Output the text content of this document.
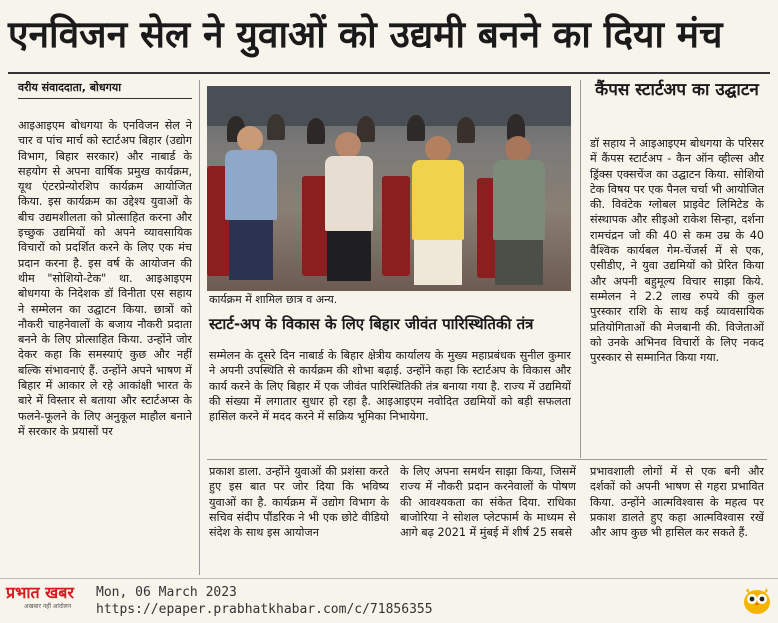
एनविजन सेल ने युवाओं को उद्यमी बनने का दिया मंच
वरीय संवाददाता, बोधगया
आइआइएम बोधगया के एनविजन सेल ने चार व पांच मार्च को स्टार्टअप बिहार (उद्योग विभाग, बिहार सरकार) और नाबार्ड के सहयोग से अपना वार्षिक प्रमुख कार्यक्रम, यूथ एंटरप्रेन्योरशिप कार्यक्रम आयोजित किया. इस कार्यक्रम का उद्देश्य युवाओं के बीच उद्यमशीलता को प्रोत्साहित करना और इच्छुक उद्यमियों को अपने व्यावसायिक विचारों को प्रदर्शित करने के लिए एक मंच प्रदान करना है. इस वर्ष के आयोजन की थीम "सोशियो-टेक" था. आइआइएम बोधगया के निदेशक डॉ विनीता एस सहाय ने सम्मेलन का उद्घाटन किया. छात्रों को नौकरी चाहनेवालों के बजाय नौकरी प्रदाता बनने के लिए प्रोत्साहित किया. उन्होंने जोर देकर कहा कि समस्याएं कुछ और नहीं बल्कि संभावनाएं हैं. उन्होंने अपने भाषण में बिहार में आकार ले रहे आकांक्षी भारत के बारे में विस्तार से बताया और स्टार्टअप्स के फलने-फूलने के लिए अनुकूल माहौल बनाने में सरकार के प्रयासों पर
कार्यक्रम में शामिल छात्र व अन्य.
स्टार्ट-अप के विकास के लिए बिहार जीवंत पारिस्थितिकी तंत्र
सम्मेलन के दूसरे दिन नाबार्ड के बिहार क्षेत्रीय कार्यालय के मुख्य महाप्रबंधक सुनील कुमार ने अपनी उपस्थिति से कार्यक्रम की शोभा बढ़ाई. उन्होंने कहा कि स्टार्टअप के विकास और कार्य करने के लिए बिहार में एक जीवंत पारिस्थितिकी तंत्र बनाया गया है. राज्य में उद्यमियों की संख्या में लगातार सुधार हो रहा है. आइआइएम नवोदित उद्यमियों को बड़ी सफलता हासिल करने में मदद करने में सक्रिय भूमिका निभायेगा.
कैंपस स्टार्टअप का उद्घाटन
डॉ सहाय ने आइआइएम बोधगया के परिसर में कैंपस स्टार्टअप - कैन ऑन व्हील्स और ड्रिंक्स एक्सचेंज का उद्घाटन किया. सोशियो टेक विषय पर एक पैनल चर्चा भी आयोजित की. विवंटेक ग्लोबल प्राइवेट लिमिटेड के संस्थापक और सीइओ राकेश सिन्हा, दर्शना रामचंद्रन जो की 40 से कम उम्र के 40 वैश्विक कार्यबल गेम-चेंजर्स में से एक, एसीडीए, ने युवा उद्यमियों को प्रेरित किया और अपनी बहुमूल्य विचार साझा किये. सम्मेलन ने 2.2 लाख रुपये की कुल पुरस्कार राशि के साथ कई व्यावसायिक प्रतियोगिताओं की मेजबानी की. विजेताओं को उनके अभिनव विचारों के लिए नकद पुरस्कार से सम्मानित किया गया.
प्रकाश डाला. उन्होंने युवाओं की प्रशंसा करते हुए इस बात पर जोर दिया कि भविष्य युवाओं का है. कार्यक्रम में उद्योग विभाग के सचिव संदीप पौंडरिक ने भी एक छोटे वीडियो संदेश के साथ इस आयोजन
के लिए अपना समर्थन साझा किया, जिसमें राज्य में नौकरी प्रदान करनेवालों के पोषण की आवश्यकता का संकेत दिया. राधिका बाजोरिया ने सोशल प्लेटफार्म के माध्यम से आगे बढ़ 2021 में मुंबई में शीर्ष 25 सबसे
प्रभावशाली लोगों में से एक बनी और दर्शकों को अपनी भाषण से गहरा प्रभावित किया. उन्होंने आत्मविश्वास के महत्व पर प्रकाश डालते हुए कहा आत्मविश्वास रखें और आप कुछ भी हासिल कर सकते हैं.
प्रभात खबर
अखबार नहीं आंदोलन
Mon, 06 March 2023
https://epaper.prabhatkhabar.com/c/71856355
